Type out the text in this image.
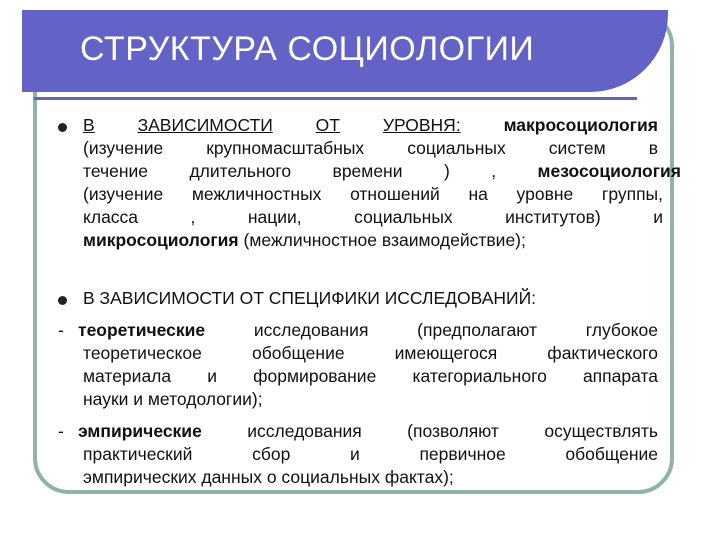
СТРУКТУРА СОЦИОЛОГИИ

В ЗАВИСИМОСТИ ОТ УРОВНЯ: макросоциология

(изучение крупномасштабных социальных систем в

течение длительного времени ) , мезосоциология

(изучение межличностных отношений на уровне группы,

класса , нации, социальных институтов) и

микросоциология (межличностное взаимодействие);

В ЗАВИСИМОСТИ ОТ СПЕЦИФИКИ ИССЛЕДОВАНИЙ:

- теоретические	исследования (предполагают глубокое

теоретическое обобщение имеющегося фактического

материала и формирование категориального аппарата

науки и методологии);

- эмпирические	исследования (позволяют осуществлять

практический сбор и первичное обобщение

эмпирических данных о социальных фактах);
